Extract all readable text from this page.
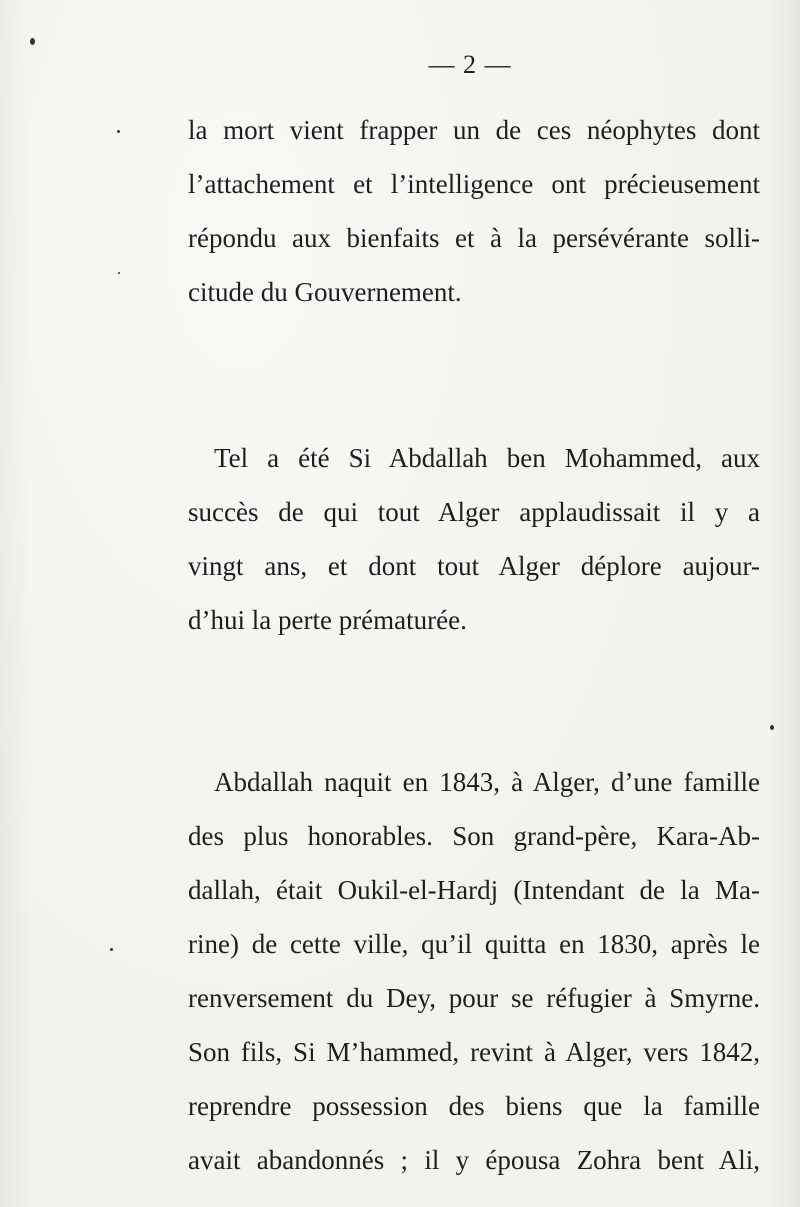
— 2 —
la mort vient frapper un de ces néophytes dont
l’attachement et l’intelligence ont précieusement
répondu aux bienfaits et à la persévérante solli-
citude du Gouvernement.
Tel a été Si Abdallah ben Mohammed, aux
succès de qui tout Alger applaudissait il y a
vingt ans, et dont tout Alger déplore aujour-
d’hui la perte prématurée.
Abdallah naquit en 1843, à Alger, d’une famille
des plus honorables. Son grand-père, Kara-Ab-
dallah, était Oukil-el-Hardj (Intendant de la Ma-
rine) de cette ville, qu’il quitta en 1830, après le
renversement du Dey, pour se réfugier à Smyrne.
Son fils, Si M’hammed, revint à Alger, vers 1842,
reprendre possession des biens que la famille
avait abandonnés ; il y épousa Zohra bent Ali,
